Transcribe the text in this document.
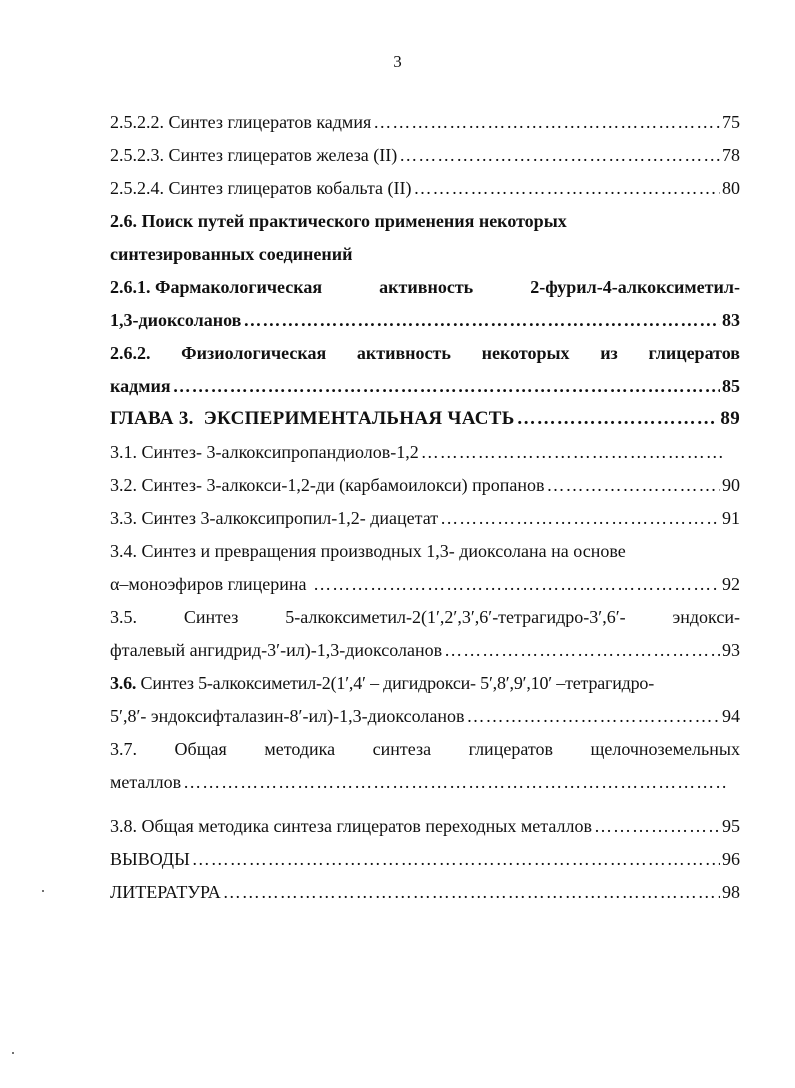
3
2.5.2.2. Синтез глицератов кадмия …………………………………………………………………………………………………………………………………………………………………………………………	75
2.5.2.3. Синтез глицератов железа (II) …………………………………………………………………………………………………………………………………………………………………………………………	78
2.5.2.4. Синтез глицератов кобальта (II) …………………………………………………………………………………………………………………………………………………………………………………………	80
2.6. Поиск путей практического применения некоторых
синтезированных соединений
2.6.1. Фармакологическая	активность	2-фурил-4-алкоксиметил-
1,3-диоксоланов …………………………………………………………………………………………………………………………………………………………………………………………	83
2.6.2. Физиологическая активность некоторых из глицератов
кадмия …………………………………………………………………………………………………………………………………………………………………………………………	85
ГЛАВА 3.  ЭКСПЕРИМЕНТАЛЬНАЯ ЧАСТЬ …………………………………………………………………………………………………………………………………………………………………………………………	89
3.1. Синтез- 3-алкоксипропандиолов-1,2
…………………………………………………………………………………………………………………………………………………………………………………………
3.2. Синтез- 3-алкокси-1,2-ди (карбамоилокси) пропанов …………………………………………………………………………………………………………………………………………………………………………………………	90
3.3. Синтез 3-алкоксипропил-1,2- диацетат …………………………………………………………………………………………………………………………………………………………………………………………	91
3.4. Синтез и превращения производных 1,3- диоксолана на основе
α–моноэфиров глицерина …………………………………………………………………………………………………………………………………………………………………………………………	92
3.5.	Синтез	5-алкоксиметил-2(1′,2′,3′,6′-тетрагидро-3′,6′-	эндокси-
фталевый ангидрид-3′-ил)-1,3-диоксоланов …………………………………………………………………………………………………………………………………………………………………………………………	93
3.6. Синтез 5-алкоксиметил-2(1′,4′ – дигидрокси- 5′,8′,9′,10′ –тетрагидро-
5′,8′- эндоксифталазин-8′-ил)-1,3-диоксоланов …………………………………………………………………………………………………………………………………………………………………………………………	94
3.7. Общая методика синтеза глицератов щелочноземельных
металлов
…………………………………………………………………………………………………………………………………………………………………………………………
3.8. Общая методика синтеза глицератов переходных металлов …………………………………………………………………………………………………………………………………………………………………………………………	95
ВЫВОДЫ …………………………………………………………………………………………………………………………………………………………………………………………	96
ЛИТЕРАТУРА …………………………………………………………………………………………………………………………………………………………………………………………	98
